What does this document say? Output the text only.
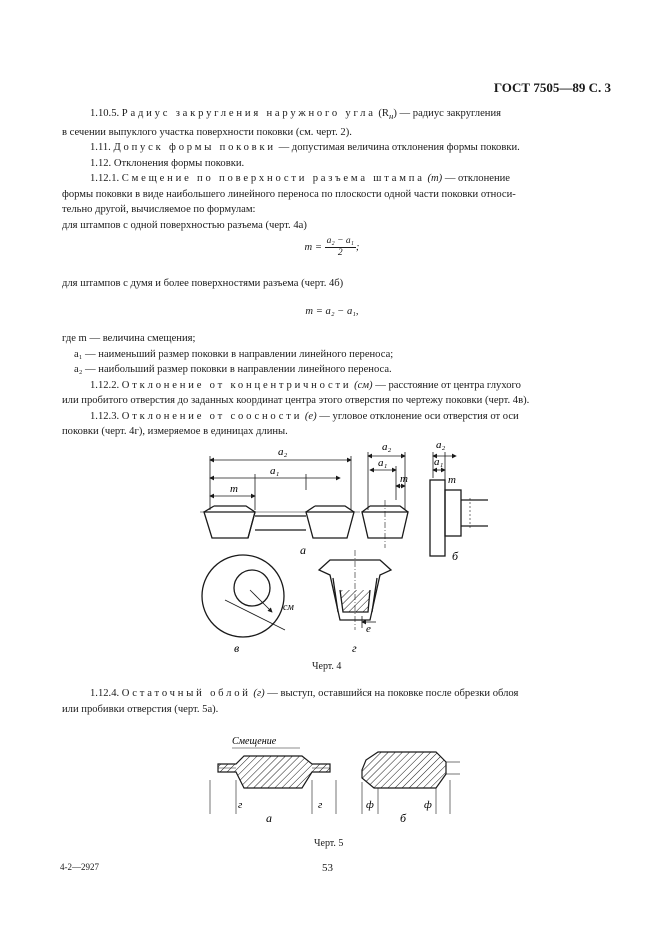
ГОСТ 7505—89 С. 3

1.10.5. Радиус закругления наружного угла $(R_н)$ — радиус закругления

в сечении выпуклого участка поверхности поковки (см. черт. 2).

1.11. Допуск формы поковки — допустимая величина отклонения формы поковки.

1.12. Отклонения формы поковки.

1.12.1. Смещение по поверхности разъема штампа (m) — отклонение

формы поковки в виде наибольшего линейного переноса по плоскости одной части поковки относи-

тельно другой, вычисляемое по формулам:

для штампов с одной поверхностью разъема (черт. 4а)

$m = \frac{\text{a₂ − a₁}}{2}$;

для штампов с думя и более поверхностями разъема (черт. 4б)

m = a₂ − a₁,

где m — величина смещения;

a₁ — наименьший размер поковки в направлении линейного переноса;

a₂ — наибольший размер поковки в направлении линейного переноса.

1.12.2. Отклонение от концентричности (cм) — расстояние от центра глухого

или пробитого отверстия до заданных координат центра этого отверстия по чертежу поковки (черт. 4в).

1.12.3. Отклонение от соосности (е) — угловое отклонение оси отверстия от оси

поковки (черт. 4г), измеряемое в единицах длины.

a₂
a₁
m
a₂
a₁
m
a₂
a₁
m
а	б
в	г
cм
e
Черт. 4

1.12.4. Остаточный облой (г) — выступ, оставшийся на поковке после обрезки облоя

или пробивки отверстия (черт. 5а).

Смещение
г	г	ф	ф
а	б
Черт. 5
4-2—2927	53
